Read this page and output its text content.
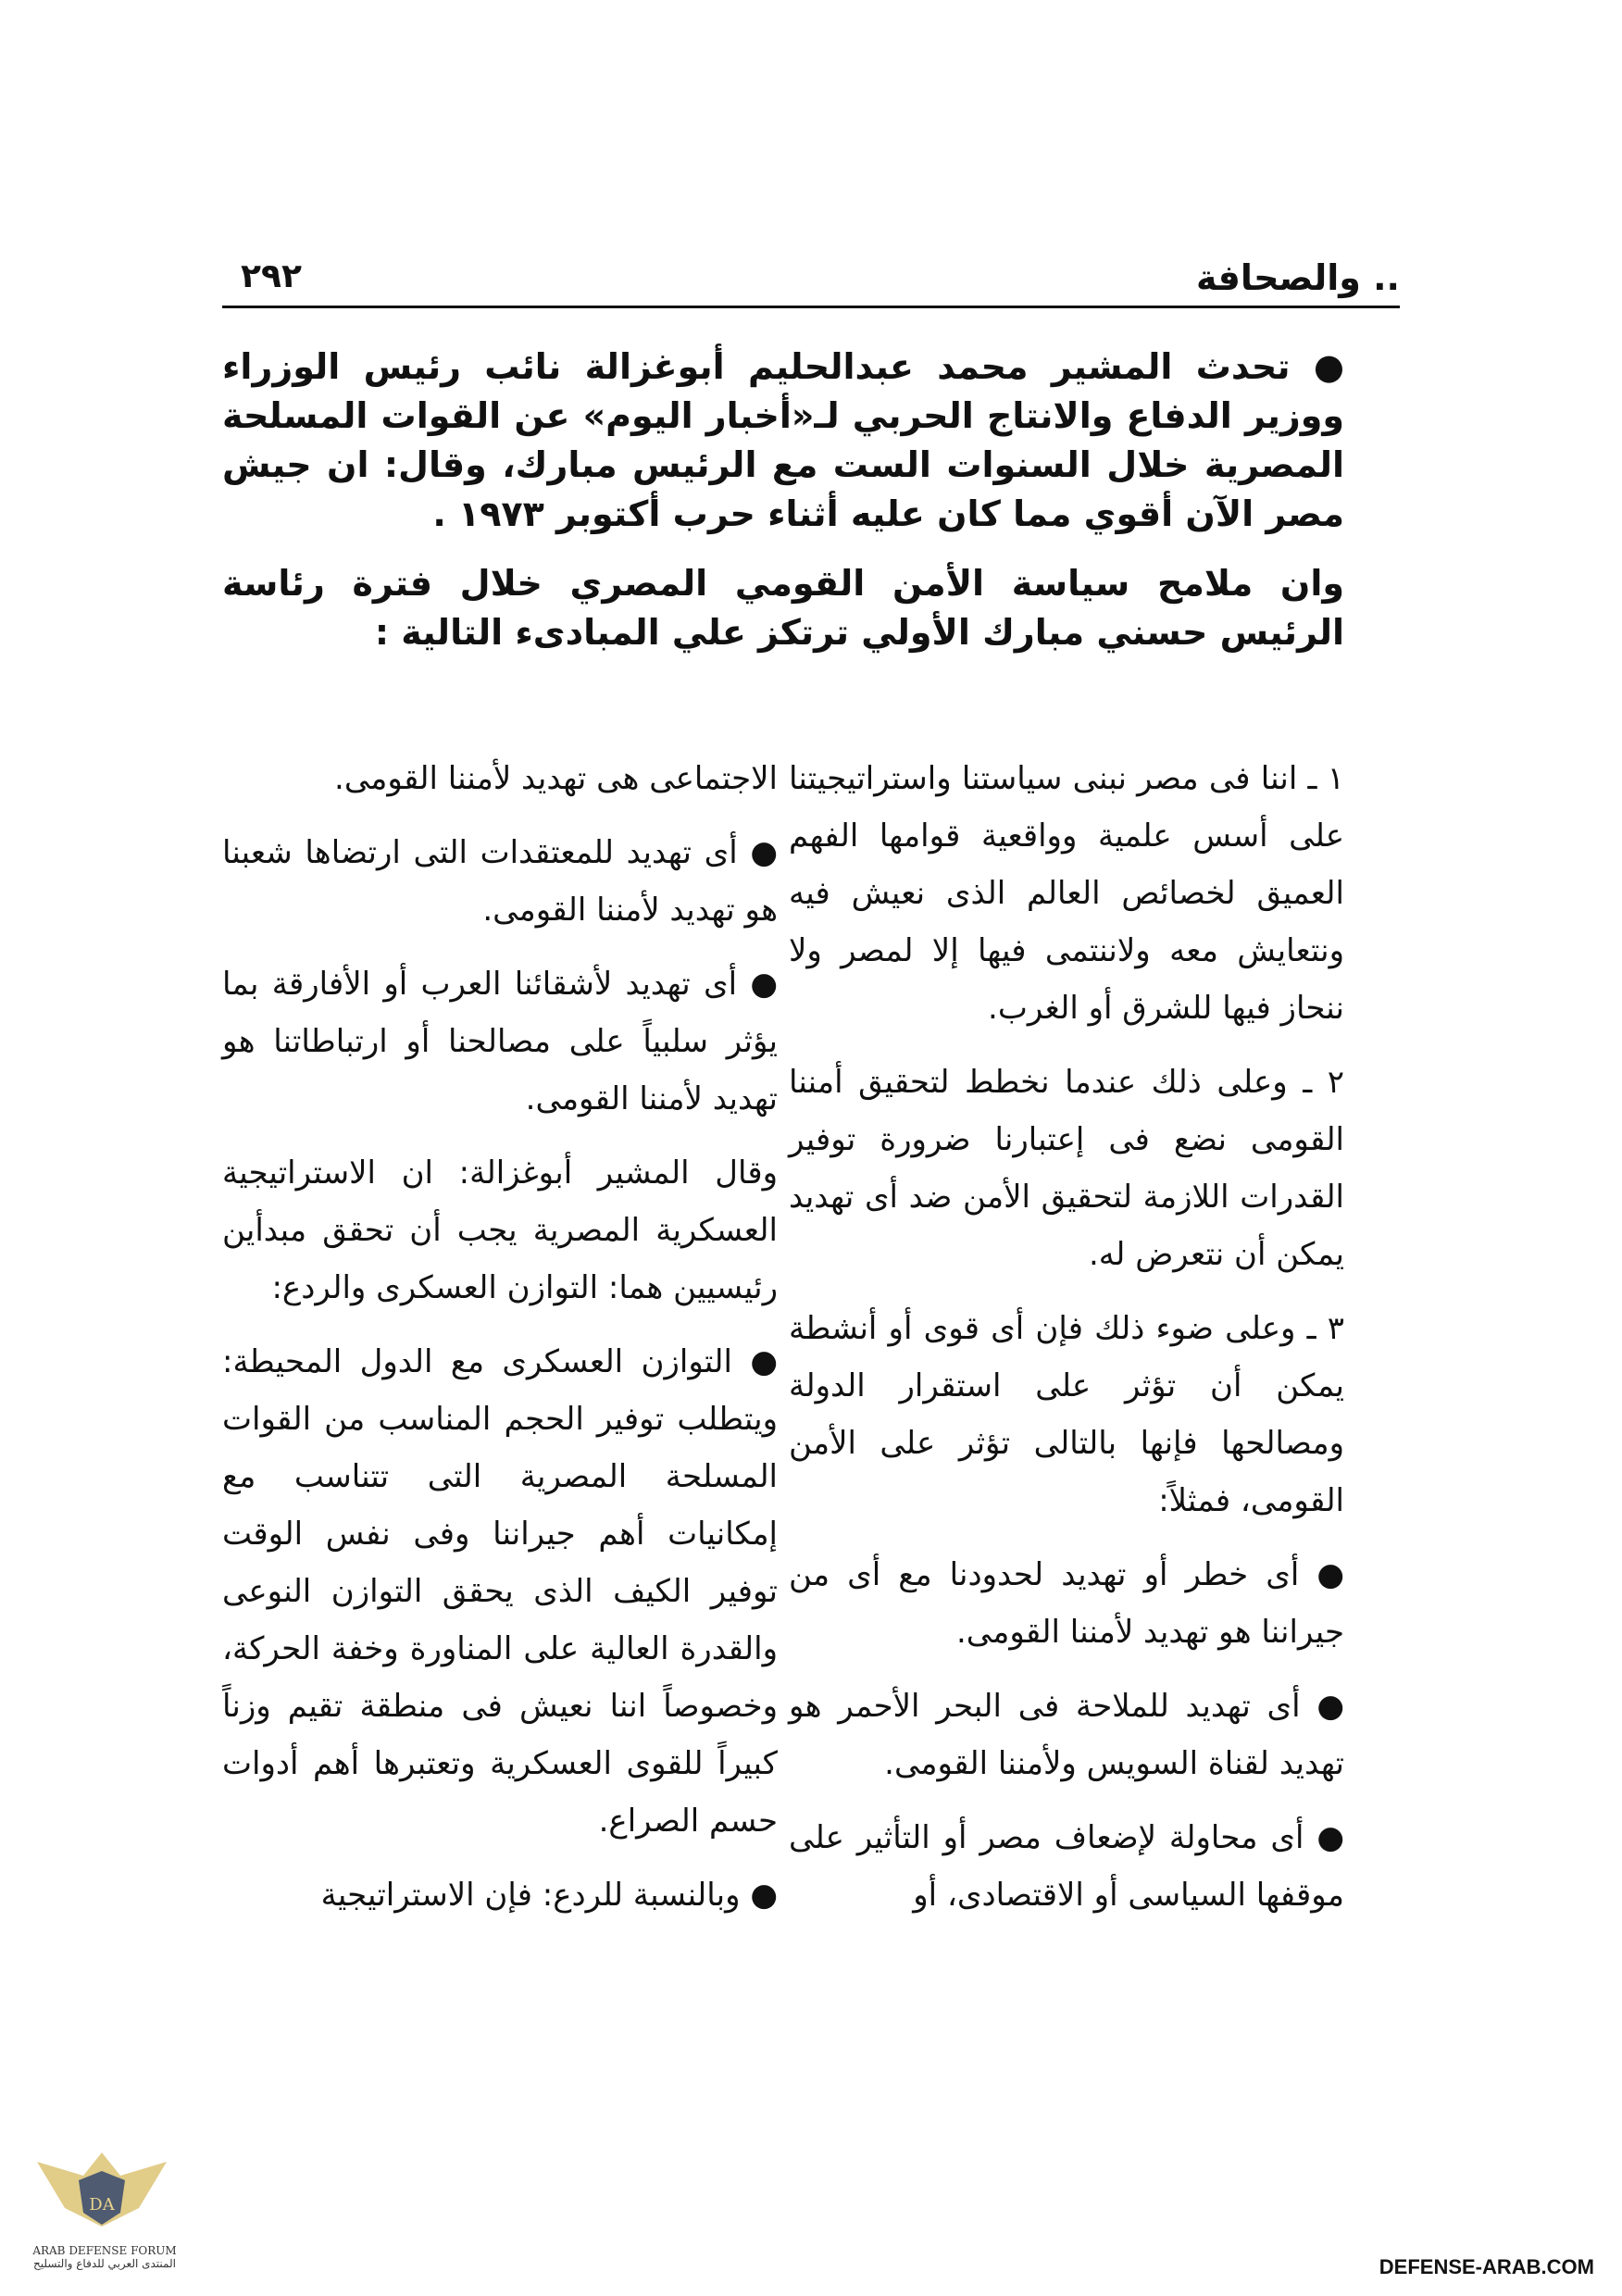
٢٩٢	.. والصحافة

● تحدث المشير محمد عبدالحليم أبوغزالة نائب رئيس الوزراء ووزير الدفاع والانتاج الحربي لـ«أخبار اليوم» عن القوات المسلحة المصرية خلال السنوات الست مع الرئيس مبارك، وقال: ان جيش مصر الآن أقوي مما كان عليه أثناء حرب أكتوبر ١٩٧٣ .

وان ملامح سياسة الأمن القومي المصري خلال فترة رئاسة الرئيس حسني مبارك الأولي ترتكز علي المبادىء التالية :

١ ـ اننا فى مصر نبنى سياستنا واستراتيجيتنا على أسس علمية وواقعية قوامها الفهم العميق لخصائص العالم الذى نعيش فيه ونتعايش معه ولاننتمى فيها إلا لمصر ولا ننحاز فيها للشرق أو الغرب.

٢ ـ وعلى ذلك عندما نخطط لتحقيق أمننا القومى نضع فى إعتبارنا ضرورة توفير القدرات اللازمة لتحقيق الأمن ضد أى تهديد يمكن أن نتعرض له.

٣ ـ وعلى ضوء ذلك فإن أى قوى أو أنشطة يمكن أن تؤثر على استقرار الدولة ومصالحها فإنها بالتالى تؤثر على الأمن القومى، فمثلاً:

● أى خطر أو تهديد لحدودنا مع أى من جيراننا هو تهديد لأمننا القومى.

● أى تهديد للملاحة فى البحر الأحمر هو تهديد لقناة السويس ولأمننا القومى.

● أى محاولة لإضعاف مصر أو التأثير على موقفها السياسى أو الاقتصادى، أو

الاجتماعى هى تهديد لأمننا القومى.

● أى تهديد للمعتقدات التى ارتضاها شعبنا هو تهديد لأمننا القومى.

● أى تهديد لأشقائنا العرب أو الأفارقة بما يؤثر سلبياً على مصالحنا أو ارتباطاتنا هو تهديد لأمننا القومى.

وقال المشير أبوغزالة: ان الاستراتيجية العسكرية المصرية يجب أن تحقق مبدأين رئيسيين هما: التوازن العسكرى والردع:

● التوازن العسكرى مع الدول المحيطة: ويتطلب توفير الحجم المناسب من القوات المسلحة المصرية التى تتناسب مع إمكانيات أهم جيراننا وفى نفس الوقت توفير الكيف الذى يحقق التوازن النوعى والقدرة العالية على المناورة وخفة الحركة، وخصوصاً اننا نعيش فى منطقة تقيم وزناً كبيراً للقوى العسكرية وتعتبرها أهم أدوات حسم الصراع.

● وبالنسبة للردع: فإن الاستراتيجية

DA
ARAB DEFENSE FORUM
المنتدى العربي للدفاع والتسليح	DEFENSE-ARAB.COM
